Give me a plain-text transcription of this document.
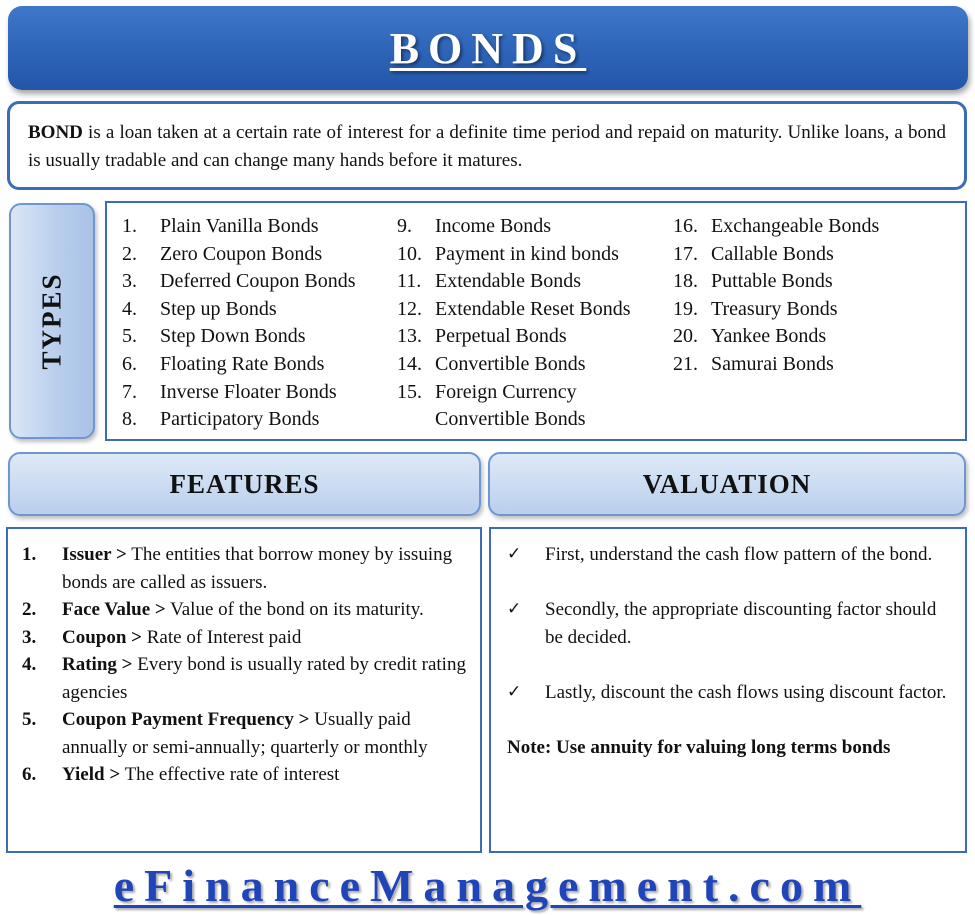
BONDS
BOND is a loan taken at a certain rate of interest for a definite time period and repaid on maturity. Unlike loans, a bond is usually tradable and can change many hands before it matures.
TYPES
1.	Plain Vanilla Bonds
2.	Zero Coupon Bonds
3.	Deferred Coupon Bonds
4.	Step up Bonds
5.	Step Down Bonds
6.	Floating Rate Bonds
7.	Inverse Floater Bonds
8.	Participatory Bonds
9.	Income Bonds
10. Payment in kind bonds
11. Extendable Bonds
12. Extendable Reset Bonds
13. Perpetual Bonds
14. Convertible Bonds
15. Foreign Currency
Convertible Bonds
16. Exchangeable Bonds
17. Callable Bonds
18. Puttable Bonds
19. Treasury Bonds
20. Yankee Bonds
21. Samurai Bonds
FEATURES	VALUATION
1.	Issuer > The entities that borrow money by issuing bonds are called as issuers.
2.	Face Value > Value of the bond on its maturity.
3.	Coupon > Rate of Interest paid
4.	Rating > Every bond is usually rated by credit rating agencies
5.	Coupon Payment Frequency > Usually paid annually or semi-annually; quarterly or monthly
6.	Yield > The effective rate of interest
✓	First, understand the cash flow pattern of the bond.
✓	Secondly, the appropriate discounting factor should be decided.
✓	Lastly, discount the cash flows using discount factor.
Note: Use annuity for valuing long terms bonds
eFinanceManagement.com
